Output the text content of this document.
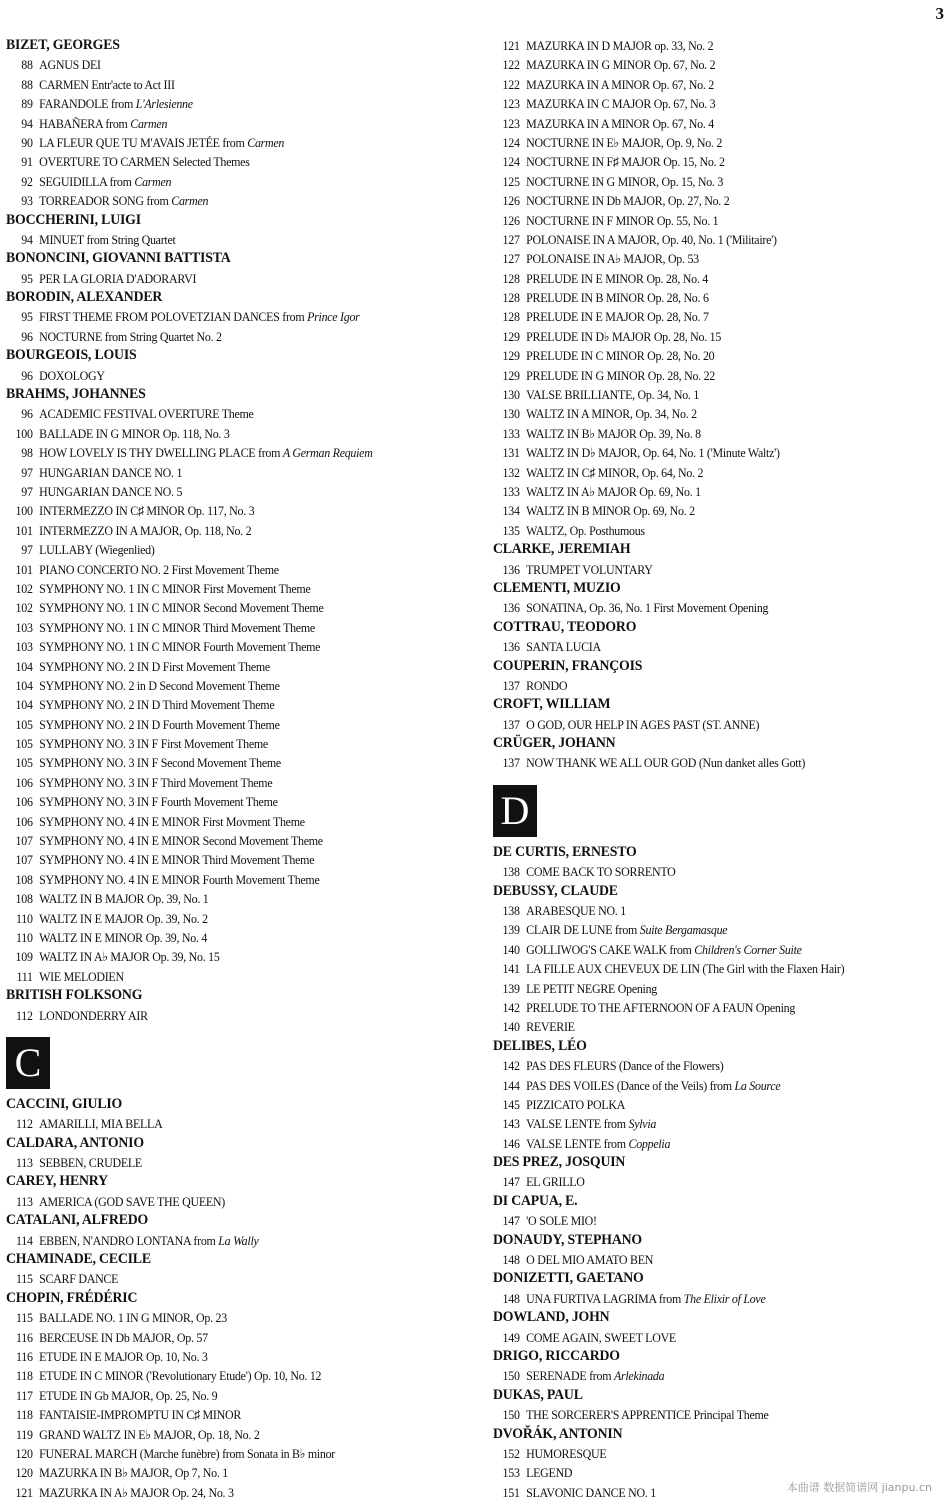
3
BIZET, GEORGES
88 AGNUS DEI
88 CARMEN Entr'acte to Act III
89 FARANDOLE from L'Arlesienne
94 HABAÑERA from Carmen
90 LA FLEUR QUE TU M'AVAIS JETÉE from Carmen
91 OVERTURE TO CARMEN Selected Themes
92 SEGUIDILLA from Carmen
93 TORREADOR SONG from Carmen
BOCCHERINI, LUIGI
94 MINUET from String Quartet
BONONCINI, GIOVANNI BATTISTA
95 PER LA GLORIA D'ADORARVI
BORODIN, ALEXANDER
95 FIRST THEME FROM POLOVETZIAN DANCES from Prince Igor
96 NOCTURNE from String Quartet No. 2
BOURGEOIS, LOUIS
96 DOXOLOGY
BRAHMS, JOHANNES
96 ACADEMIC FESTIVAL OVERTURE Theme
100 BALLADE IN G MINOR Op. 118, No. 3
98 HOW LOVELY IS THY DWELLING PLACE from A German Requiem
97 HUNGARIAN DANCE NO. 1
97 HUNGARIAN DANCE NO. 5
100 INTERMEZZO IN C♯ MINOR Op. 117, No. 3
101 INTERMEZZO IN A MAJOR, Op. 118, No. 2
97 LULLABY (Wiegenlied)
101 PIANO CONCERTO NO. 2 First Movement Theme
102 SYMPHONY NO. 1 IN C MINOR First Movement Theme
102 SYMPHONY NO. 1 IN C MINOR Second Movement Theme
103 SYMPHONY NO. 1 IN C MINOR Third Movement Theme
103 SYMPHONY NO. 1 IN C MINOR Fourth Movement Theme
104 SYMPHONY NO. 2 IN D First Movement Theme
104 SYMPHONY NO. 2 in D Second Movement Theme
104 SYMPHONY NO. 2 IN D Third Movement Theme
105 SYMPHONY NO. 2 IN D Fourth Movement Theme
105 SYMPHONY NO. 3 IN F First Movement Theme
105 SYMPHONY NO. 3 IN F Second Movement Theme
106 SYMPHONY NO. 3 IN F Third Movement Theme
106 SYMPHONY NO. 3 IN F Fourth Movement Theme
106 SYMPHONY NO. 4 IN E MINOR First Movment Theme
107 SYMPHONY NO. 4 IN E MINOR Second Movement Theme
107 SYMPHONY NO. 4 IN E MINOR Third Movement Theme
108 SYMPHONY NO. 4 IN E MINOR Fourth Movement Theme
108 WALTZ IN B MAJOR Op. 39, No. 1
110 WALTZ IN E MAJOR Op. 39, No. 2
110 WALTZ IN E MINOR Op. 39, No. 4
109 WALTZ IN A♭ MAJOR Op. 39, No. 15
111 WIE MELODIEN
BRITISH FOLKSONG
112 LONDONDERRY AIR
C
CACCINI, GIULIO
112 AMARILLI, MIA BELLA
CALDARA, ANTONIO
113 SEBBEN, CRUDELE
CAREY, HENRY
113 AMERICA (GOD SAVE THE QUEEN)
CATALANI, ALFREDO
114 EBBEN, N'ANDRO LONTANA from La Wally
CHAMINADE, CECILE
115 SCARF DANCE
CHOPIN, FRÉDÉRIC
115 BALLADE NO. 1 IN G MINOR, Op. 23
116 BERCEUSE IN Db MAJOR, Op. 57
116 ETUDE IN E MAJOR Op. 10, No. 3
118 ETUDE IN C MINOR ('Revolutionary Etude') Op. 10, No. 12
117 ETUDE IN Gb MAJOR, Op. 25, No. 9
118 FANTAISIE-IMPROMPTU IN C♯ MINOR
119 GRAND WALTZ IN E♭ MAJOR, Op. 18, No. 2
120 FUNERAL MARCH (Marche funèbre) from Sonata in B♭ minor
120 MAZURKA IN B♭ MAJOR, Op 7, No. 1
121 MAZURKA IN A♭ MAJOR Op. 24, No. 3
121 MAZURKA IN D MAJOR op. 33, No. 2
122 MAZURKA IN G MINOR Op. 67, No. 2
122 MAZURKA IN A MINOR Op. 67, No. 2
123 MAZURKA IN C MAJOR Op. 67, No. 3
123 MAZURKA IN A MINOR Op. 67, No. 4
124 NOCTURNE IN E♭ MAJOR, Op. 9, No. 2
124 NOCTURNE IN F♯ MAJOR Op. 15, No. 2
125 NOCTURNE IN G MINOR, Op. 15, No. 3
126 NOCTURNE IN Db MAJOR, Op. 27, No. 2
126 NOCTURNE IN F MINOR Op. 55, No. 1
127 POLONAISE IN A MAJOR, Op. 40, No. 1 ('Militaire')
127 POLONAISE IN A♭ MAJOR, Op. 53
128 PRELUDE IN E MINOR Op. 28, No. 4
128 PRELUDE IN B MINOR Op. 28, No. 6
128 PRELUDE IN E MAJOR Op. 28, No. 7
129 PRELUDE IN D♭ MAJOR Op. 28, No. 15
129 PRELUDE IN C MINOR Op. 28, No. 20
129 PRELUDE IN G MINOR Op. 28, No. 22
130 VALSE BRILLIANTE, Op. 34, No. 1
130 WALTZ IN A MINOR, Op. 34, No. 2
133 WALTZ IN B♭ MAJOR Op. 39, No. 8
131 WALTZ IN D♭ MAJOR, Op. 64, No. 1 ('Minute Waltz')
132 WALTZ IN C♯ MINOR, Op. 64, No. 2
133 WALTZ IN A♭ MAJOR Op. 69, No. 1
134 WALTZ IN B MINOR Op. 69, No. 2
135 WALTZ, Op. Posthumous
CLARKE, JEREMIAH
136 TRUMPET VOLUNTARY
CLEMENTI, MUZIO
136 SONATINA, Op. 36, No. 1 First Movement Opening
COTTRAU, TEODORO
136 SANTA LUCIA
COUPERIN, FRANÇOIS
137 RONDO
CROFT, WILLIAM
137 O GOD, OUR HELP IN AGES PAST (ST. ANNE)
CRÜGER, JOHANN
137 NOW THANK WE ALL OUR GOD (Nun danket alles Gott)
D
DE CURTIS, ERNESTO
138 COME BACK TO SORRENTO
DEBUSSY, CLAUDE
138 ARABESQUE NO. 1
139 CLAIR DE LUNE from Suite Bergamasque
140 GOLLIWOG'S CAKE WALK from Children's Corner Suite
141 LA FILLE AUX CHEVEUX DE LIN (The Girl with the Flaxen Hair)
139 LE PETIT NEGRE Opening
142 PRELUDE TO THE AFTERNOON OF A FAUN Opening
140 REVERIE
DELIBES, LÉO
142 PAS DES FLEURS (Dance of the Flowers)
144 PAS DES VOILES (Dance of the Veils) from La Source
145 PIZZICATO POLKA
143 VALSE LENTE from Sylvia
146 VALSE LENTE from Coppelia
DES PREZ, JOSQUIN
147 EL GRILLO
DI CAPUA, E.
147 'O SOLE MIO!
DONAUDY, STEPHANO
148 O DEL MIO AMATO BEN
DONIZETTI, GAETANO
148 UNA FURTIVA LAGRIMA from The Elixir of Love
DOWLAND, JOHN
149 COME AGAIN, SWEET LOVE
DRIGO, RICCARDO
150 SERENADE from Arlekinada
DUKAS, PAUL
150 THE SORCERER'S APPRENTICE Principal Theme
DVOŘÁK, ANTONIN
152 HUMORESQUE
153 LEGEND
151 SLAVONIC DANCE NO. 1	本曲谱 数据简谱网 jianpu.cn
